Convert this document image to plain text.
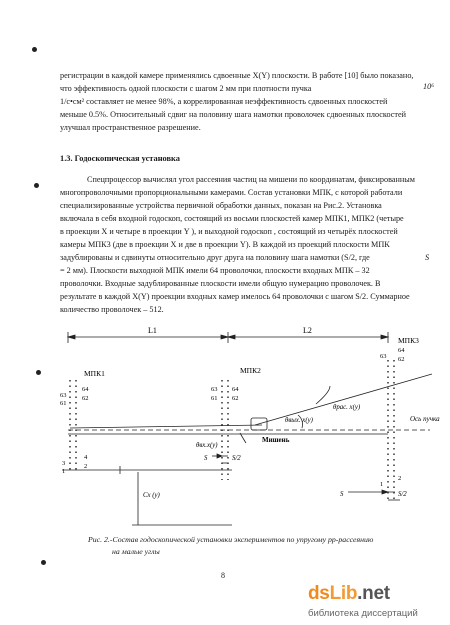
регистрации в каждой камере применялись сдвоенные X(Y) плоскости. В работе [10] было показано,
что эффективность одной плоскости с шагом 2 мм при плотности пучка	10⁶
1/с•см² составляет не менее 98%, а коррелированная неэффективность сдвоенных плоскостей
меньше 0.5%. Относительный сдвиг на половину шага намотки проволочек сдвоенных плоскостей
улучшал пространственное разрешение.
1.3. Годоскопическая установка
Спецпроцессор вычислял угол рассеяния частиц на мишени по координатам, фиксированным
многопроволочными пропорциональными камерами. Состав установки МПК, с которой работали
специализированные устройства первичной обработки данных, показан на Рис.2. Установка
включала в себя входной годоскоп, состоящий из восьми плоскостей камер МПК1, МПК2 (четыре
в проекции X и четыре в проекции Y ), и выходной годоскоп , состоящий из четырёх плоскостей
камеры МПК3 (две в проекции X и две в проекции Y). В каждой из проекций плоскости МПК
задублированы и сдвинуты относительно друг друга на половину шага намотки (S/2, где	S
= 2 мм). Плоскости выходной МПК имели 64 проволочки, плоскости входных МПК – 32
проволочки. Входные задублированные плоскости имели общую нумерацию проволочек. В
результате в каждой X(Y) проекции входных камер имелось 64 проволочки с шагом S/2. Суммарное
количество проволочек – 512.
L1	L2
МПК1	МПК2
МПК3
64
63 62
61
4
3	2
1
63 64
61 62
64
63 62
2
1
θрас. x(y)
θвых. x(y)
θвх.x(y)
Мишень
Ось пучка
S	S/2
S	S/2
Cx (y)
Рис. 2.-Состав годоскопической установки экспериментов по упругому pp-рассеянию
на малые углы
8
dsLib.net
библиотека диссертаций
